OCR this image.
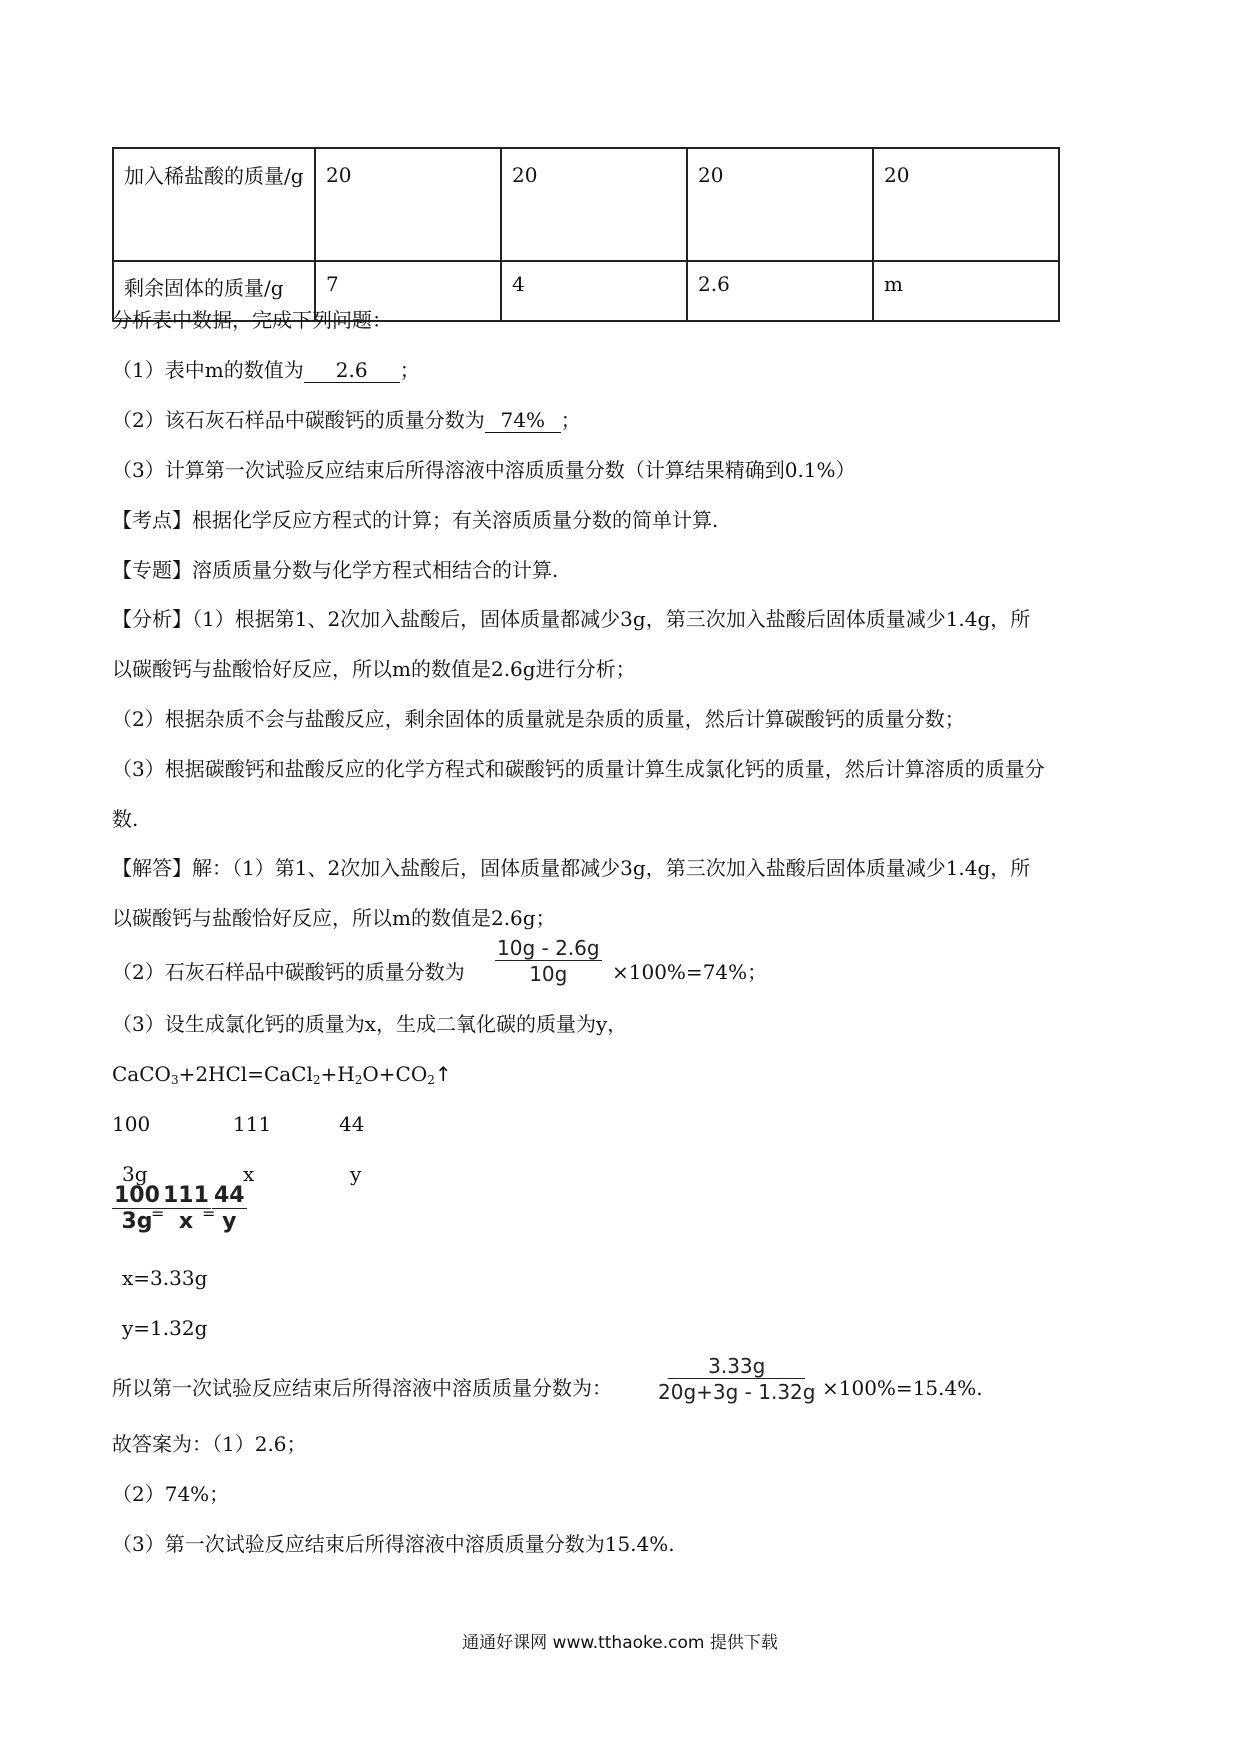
加入稀盐酸的质量/g	20	20	20	20
剩余固体的质量/g	7	4	2.6	m
分析表中数据，完成下列问题：
（1）表中m的数值为 2.6 ；
（2）该石灰石样品中碳酸钙的质量分数为 74% ；
（3）计算第一次试验反应结束后所得溶液中溶质质量分数（计算结果精确到0.1%）
【考点】根据化学反应方程式的计算；有关溶质质量分数的简单计算.
【专题】溶质质量分数与化学方程式相结合的计算.
【分析】（1）根据第1、2次加入盐酸后，固体质量都减少3g，第三次加入盐酸后固体质量减少1.4g，所
以碳酸钙与盐酸恰好反应，所以m的数值是2.6g进行分析；
（2）根据杂质不会与盐酸反应，剩余固体的质量就是杂质的质量，然后计算碳酸钙的质量分数；
（3）根据碳酸钙和盐酸反应的化学方程式和碳酸钙的质量计算生成氯化钙的质量，然后计算溶质的质量分
数.
【解答】解：（1）第1、2次加入盐酸后，固体质量都减少3g，第三次加入盐酸后固体质量减少1.4g，所
以碳酸钙与盐酸恰好反应，所以m的数值是2.6g；
（2）石灰石样品中碳酸钙的质量分数为 $\frac{10g - 2.6g}{10g} \times 100\%=74\%$；
（3）设生成氯化钙的质量为x，生成二氧化碳的质量为y，
$CaCO_3+2HCl=CaCl_2+H_2O+CO_2↑$
100	111	44
3g	x	y
$\frac{100}{3g}$
=
$\frac{111}{x}$
=
$\frac{44}{y}$
x=3.33g
y=1.32g
所以第一次试验反应结束后所得溶液中溶质质量分数为： $\frac{3.33g}{20g+3g - 1.32g} \times 100\%=15.4\%$.
故答案为：（1）2.6；
（2）74%；
（3）第一次试验反应结束后所得溶液中溶质质量分数为15.4%.
通通好课网 www.tthaoke.com 提供下载
